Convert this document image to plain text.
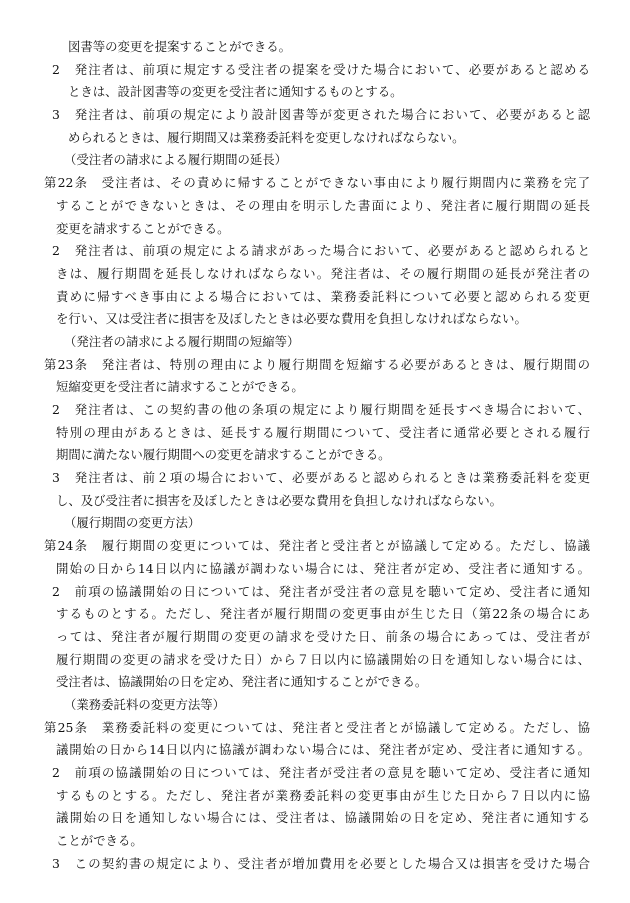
図書等の変更を提案することができる。
2　発注者は、前項に規定する受注者の提案を受けた場合において、必要があると認める
ときは、設計図書等の変更を受注者に通知するものとする。
3　発注者は、前項の規定により設計図書等が変更された場合において、必要があると認
められるときは、履行期間又は業務委託料を変更しなければならない。
（受注者の請求による履行期間の延長）
第22条　受注者は、その責めに帰することができない事由により履行期間内に業務を完了
することができないときは、その理由を明示した書面により、発注者に履行期間の延長
変更を請求することができる。
2　発注者は、前項の規定による請求があった場合において、必要があると認められると
きは、履行期間を延長しなければならない。発注者は、その履行期間の延長が発注者の
責めに帰すべき事由による場合においては、業務委託料について必要と認められる変更
を行い、又は受注者に損害を及ぼしたときは必要な費用を負担しなければならない。
（発注者の請求による履行期間の短縮等）
第23条　発注者は、特別の理由により履行期間を短縮する必要があるときは、履行期間の
短縮変更を受注者に請求することができる。
2　発注者は、この契約書の他の条項の規定により履行期間を延長すべき場合において、
特別の理由があるときは、延長する履行期間について、受注者に通常必要とされる履行
期間に満たない履行期間への変更を請求することができる。
3　発注者は、前２項の場合において、必要があると認められるときは業務委託料を変更
し、及び受注者に損害を及ぼしたときは必要な費用を負担しなければならない。
（履行期間の変更方法）
第24条　履行期間の変更については、発注者と受注者とが協議して定める。ただし、協議
開始の日から14日以内に協議が調わない場合には、発注者が定め、受注者に通知する。
2　前項の協議開始の日については、発注者が受注者の意見を聴いて定め、受注者に通知
するものとする。ただし、発注者が履行期間の変更事由が生じた日（第22条の場合にあ
っては、発注者が履行期間の変更の請求を受けた日、前条の場合にあっては、受注者が
履行期間の変更の請求を受けた日）から７日以内に協議開始の日を通知しない場合には、
受注者は、協議開始の日を定め、発注者に通知することができる。
（業務委託料の変更方法等）
第25条　業務委託料の変更については、発注者と受注者とが協議して定める。ただし、協
議開始の日から14日以内に協議が調わない場合には、発注者が定め、受注者に通知する。
2　前項の協議開始の日については、発注者が受注者の意見を聴いて定め、受注者に通知
するものとする。ただし、発注者が業務委託料の変更事由が生じた日から７日以内に協
議開始の日を通知しない場合には、受注者は、協議開始の日を定め、発注者に通知する
ことができる。
3　この契約書の規定により、受注者が増加費用を必要とした場合又は損害を受けた場合
